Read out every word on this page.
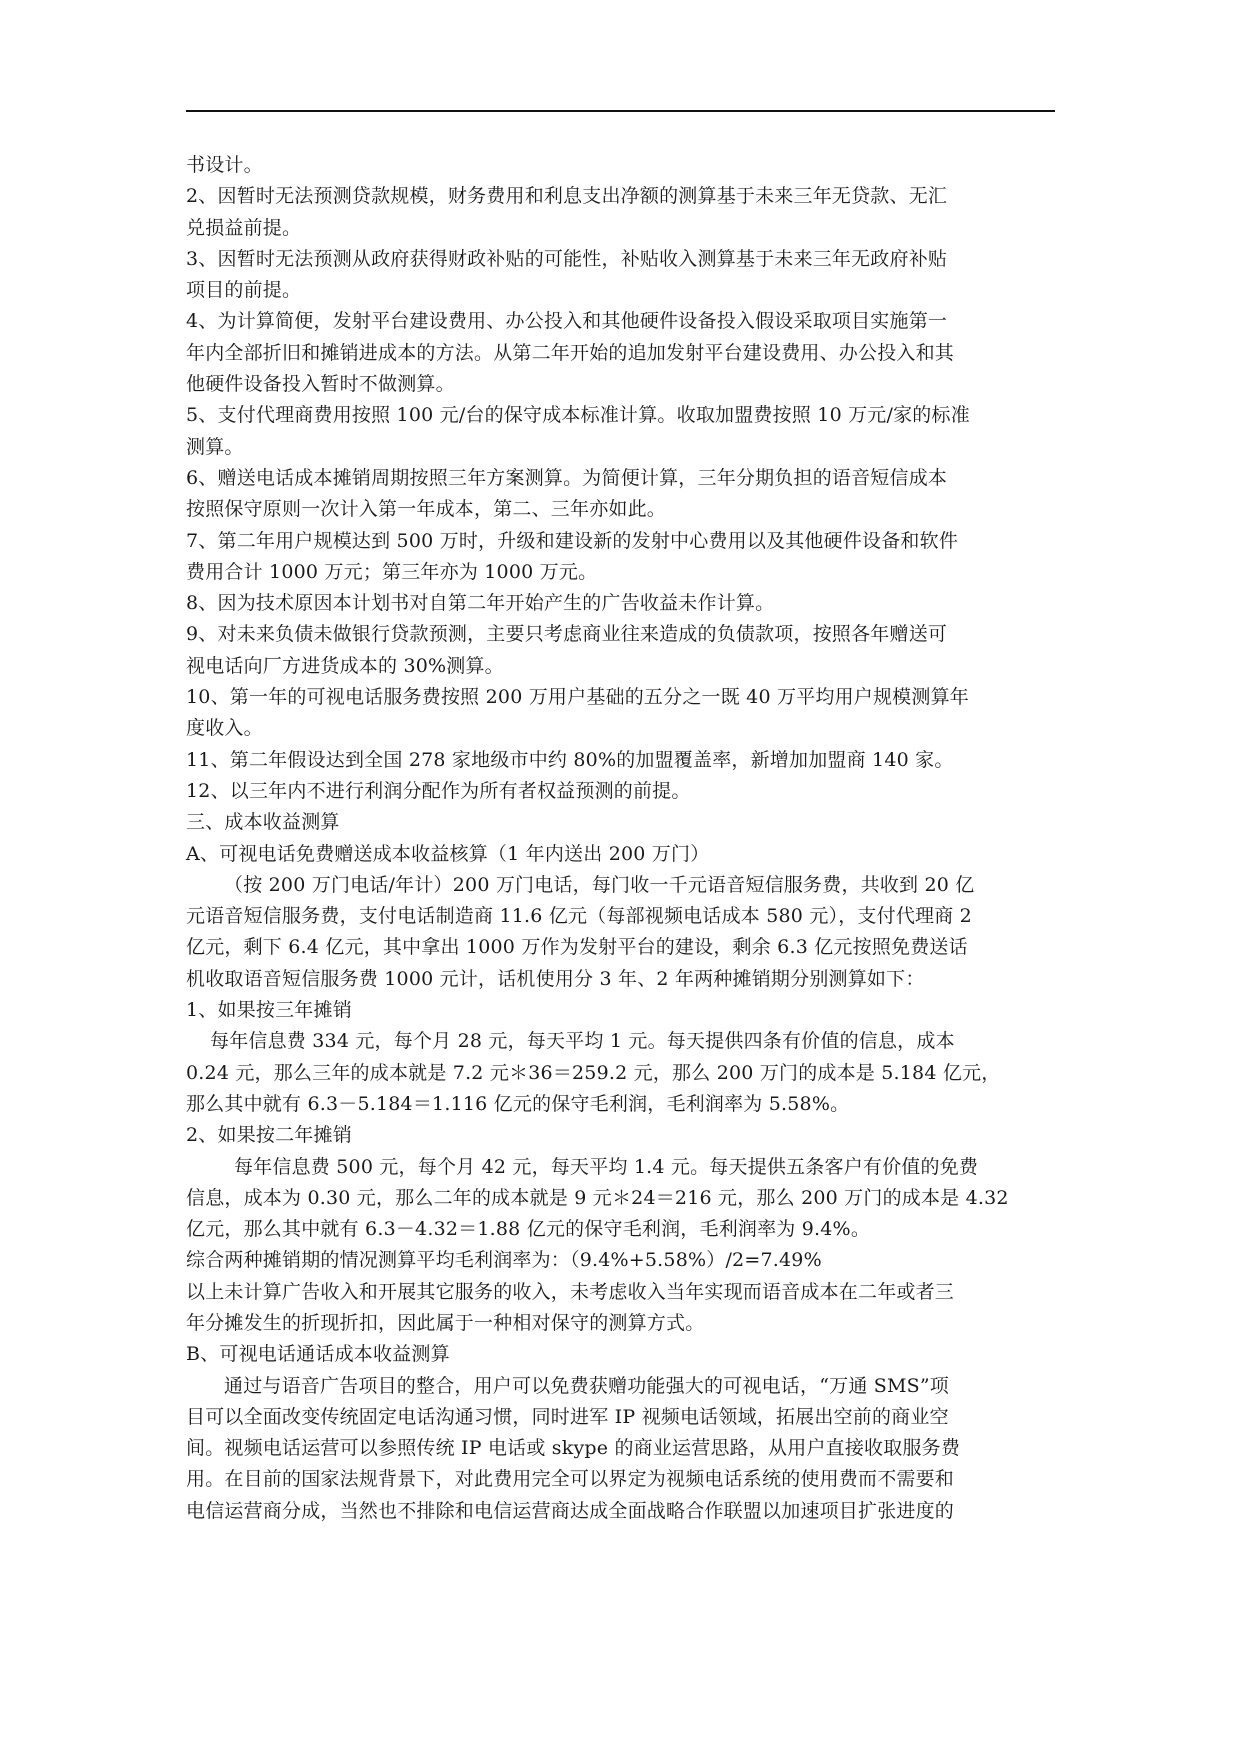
书设计。
2、因暂时无法预测贷款规模，财务费用和利息支出净额的测算基于未来三年无贷款、无汇
兑损益前提。
3、因暂时无法预测从政府获得财政补贴的可能性，补贴收入测算基于未来三年无政府补贴
项目的前提。
4、为计算简便，发射平台建设费用、办公投入和其他硬件设备投入假设采取项目实施第一
年内全部折旧和摊销进成本的方法。从第二年开始的追加发射平台建设费用、办公投入和其
他硬件设备投入暂时不做测算。
5、支付代理商费用按照 100 元/台的保守成本标准计算。收取加盟费按照 10 万元/家的标准
测算。
6、赠送电话成本摊销周期按照三年方案测算。为简便计算，三年分期负担的语音短信成本
按照保守原则一次计入第一年成本，第二、三年亦如此。
7、第二年用户规模达到 500 万时，升级和建设新的发射中心费用以及其他硬件设备和软件
费用合计 1000 万元；第三年亦为 1000 万元。
8、因为技术原因本计划书对自第二年开始产生的广告收益未作计算。
9、对未来负债未做银行贷款预测，主要只考虑商业往来造成的负债款项，按照各年赠送可
视电话向厂方进货成本的 30%测算。
10、第一年的可视电话服务费按照 200 万用户基础的五分之一既 40 万平均用户规模测算年
度收入。
11、第二年假设达到全国 278 家地级市中约 80%的加盟覆盖率，新增加加盟商 140 家。
12、以三年内不进行利润分配作为所有者权益预测的前提。
三、成本收益测算
A、可视电话免费赠送成本收益核算（1 年内送出 200 万门）
（按 200 万门电话/年计）200 万门电话，每门收一千元语音短信服务费，共收到 20 亿
元语音短信服务费，支付电话制造商 11.6 亿元（每部视频电话成本 580 元），支付代理商 2
亿元，剩下 6.4 亿元，其中拿出 1000 万作为发射平台的建设，剩余 6.3 亿元按照免费送话
机收取语音短信服务费 1000 元计，话机使用分 3 年、2 年两种摊销期分别测算如下：
1、如果按三年摊销
每年信息费 334 元，每个月 28 元，每天平均 1 元。每天提供四条有价值的信息，成本
0.24 元，那么三年的成本就是 7.2 元＊36＝259.2 元，那么 200 万门的成本是 5.184 亿元，
那么其中就有 6.3－5.184＝1.116 亿元的保守毛利润，毛利润率为 5.58%。
2、如果按二年摊销
每年信息费 500 元，每个月 42 元，每天平均 1.4 元。每天提供五条客户有价值的免费
信息，成本为 0.30 元，那么二年的成本就是 9 元＊24＝216 元，那么 200 万门的成本是 4.32
亿元，那么其中就有 6.3－4.32＝1.88 亿元的保守毛利润，毛利润率为 9.4%。
综合两种摊销期的情况测算平均毛利润率为：（9.4%+5.58%）/2=7.49%
以上未计算广告收入和开展其它服务的收入，未考虑收入当年实现而语音成本在二年或者三
年分摊发生的折现折扣，因此属于一种相对保守的测算方式。
B、可视电话通话成本收益测算
通过与语音广告项目的整合，用户可以免费获赠功能强大的可视电话，“万通 SMS”项
目可以全面改变传统固定电话沟通习惯，同时进军 IP 视频电话领域，拓展出空前的商业空
间。视频电话运营可以参照传统 IP 电话或 skype 的商业运营思路，从用户直接收取服务费
用。在目前的国家法规背景下，对此费用完全可以界定为视频电话系统的使用费而不需要和
电信运营商分成，当然也不排除和电信运营商达成全面战略合作联盟以加速项目扩张进度的
